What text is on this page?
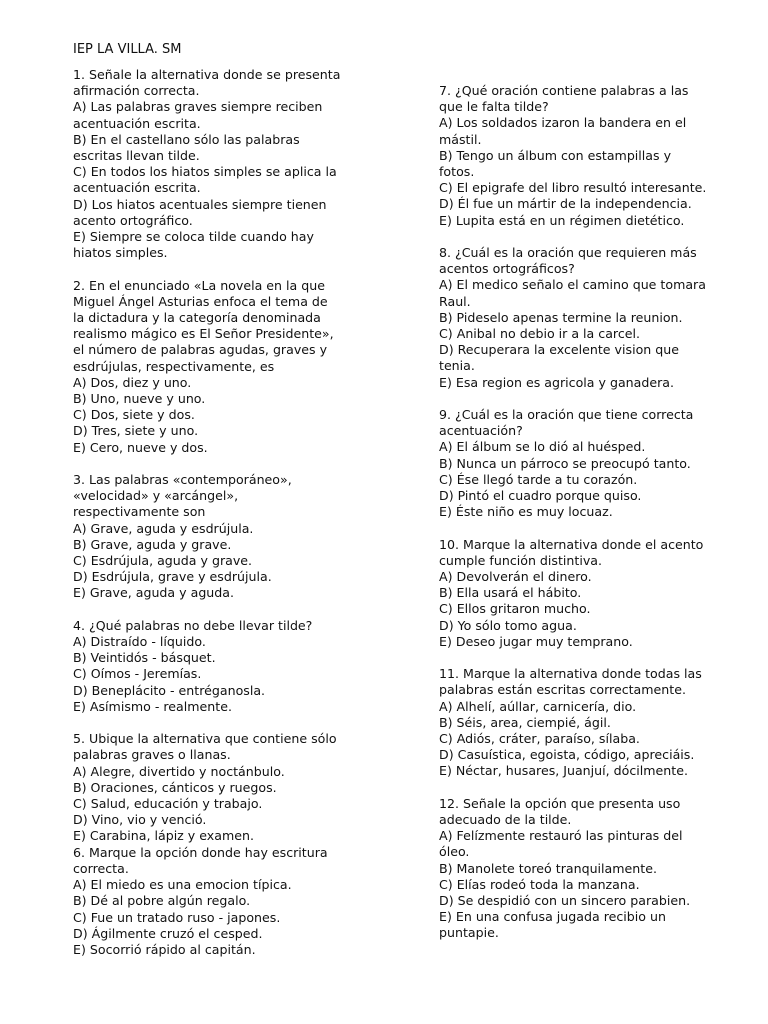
IEP LA VILLA. SM
1. Señale la alternativa donde se presenta
afirmación correcta.
A) Las palabras graves siempre reciben
acentuación escrita.
B) En el castellano sólo las palabras
escritas llevan tilde.
C) En todos los hiatos simples se aplica la
acentuación escrita.
D) Los hiatos acentuales siempre tienen
acento ortográfico.
E) Siempre se coloca tilde cuando hay
hiatos simples.
2. En el enunciado «La novela en la que
Miguel Ángel Asturias enfoca el tema de
la dictadura y la categoría denominada
realismo mágico es El Señor Presidente»,
el número de palabras agudas, graves y
esdrújulas, respectivamente, es
A) Dos, diez y uno.
B) Uno, nueve y uno.
C) Dos, siete y dos.
D) Tres, siete y uno.
E) Cero, nueve y dos.
3. Las palabras «contemporáneo»,
«velocidad» y «arcángel»,
respectivamente son
A) Grave, aguda y esdrújula.
B) Grave, aguda y grave.
C) Esdrújula, aguda y grave.
D) Esdrújula, grave y esdrújula.
E) Grave, aguda y aguda.
4. ¿Qué palabras no debe llevar tilde?
A) Distraído - líquido.
B) Veintidós - básquet.
C) Oímos - Jeremías.
D) Beneplácito - entréganosla.
E) Asímismo - realmente.
5. Ubique la alternativa que contiene sólo
palabras graves o llanas.
A) Alegre, divertido y noctánbulo.
B) Oraciones, cánticos y ruegos.
C) Salud, educación y trabajo.
D) Vino, vio y venció.
E) Carabina, lápiz y examen.
6. Marque la opción donde hay escritura
correcta.
A) El miedo es una emocion típica.
B) Dé al pobre algún regalo.
C) Fue un tratado ruso - japones.
D) Ágilmente cruzó el cesped.
E) Socorrió rápido al capitán.
7. ¿Qué oración contiene palabras a las
que le falta tilde?
A) Los soldados izaron la bandera en el
mástil.
B) Tengo un álbum con estampillas y
fotos.
C) El epigrafe del libro resultó interesante.
D) Él fue un mártir de la independencia.
E) Lupita está en un régimen dietético.
8. ¿Cuál es la oración que requieren más
acentos ortográficos?
A) El medico señalo el camino que tomara
Raul.
B) Pideselo apenas termine la reunion.
C) Anibal no debio ir a la carcel.
D) Recuperara la excelente vision que
tenia.
E) Esa region es agricola y ganadera.
9. ¿Cuál es la oración que tiene correcta
acentuación?
A) El álbum se lo dió al huésped.
B) Nunca un párroco se preocupó tanto.
C) Ése llegó tarde a tu corazón.
D) Pintó el cuadro porque quiso.
E) Éste niño es muy locuaz.
10. Marque la alternativa donde el acento
cumple función distintiva.
A) Devolverán el dinero.
B) Ella usará el hábito.
C) Ellos gritaron mucho.
D) Yo sólo tomo agua.
E) Deseo jugar muy temprano.
11. Marque la alternativa donde todas las
palabras están escritas correctamente.
A) Alhelí, aúllar, carnicería, dio.
B) Séis, area, ciempié, ágil.
C) Adiós, cráter, paraíso, sílaba.
D) Casuística, egoista, código, apreciáis.
E) Néctar, husares, Juanjuí, dócilmente.
12. Señale la opción que presenta uso
adecuado de la tilde.
A) Felízmente restauró las pinturas del
óleo.
B) Manolete toreó tranquilamente.
C) Elías rodeó toda la manzana.
D) Se despidió con un sincero parabien.
E) En una confusa jugada recibio un
puntapie.
